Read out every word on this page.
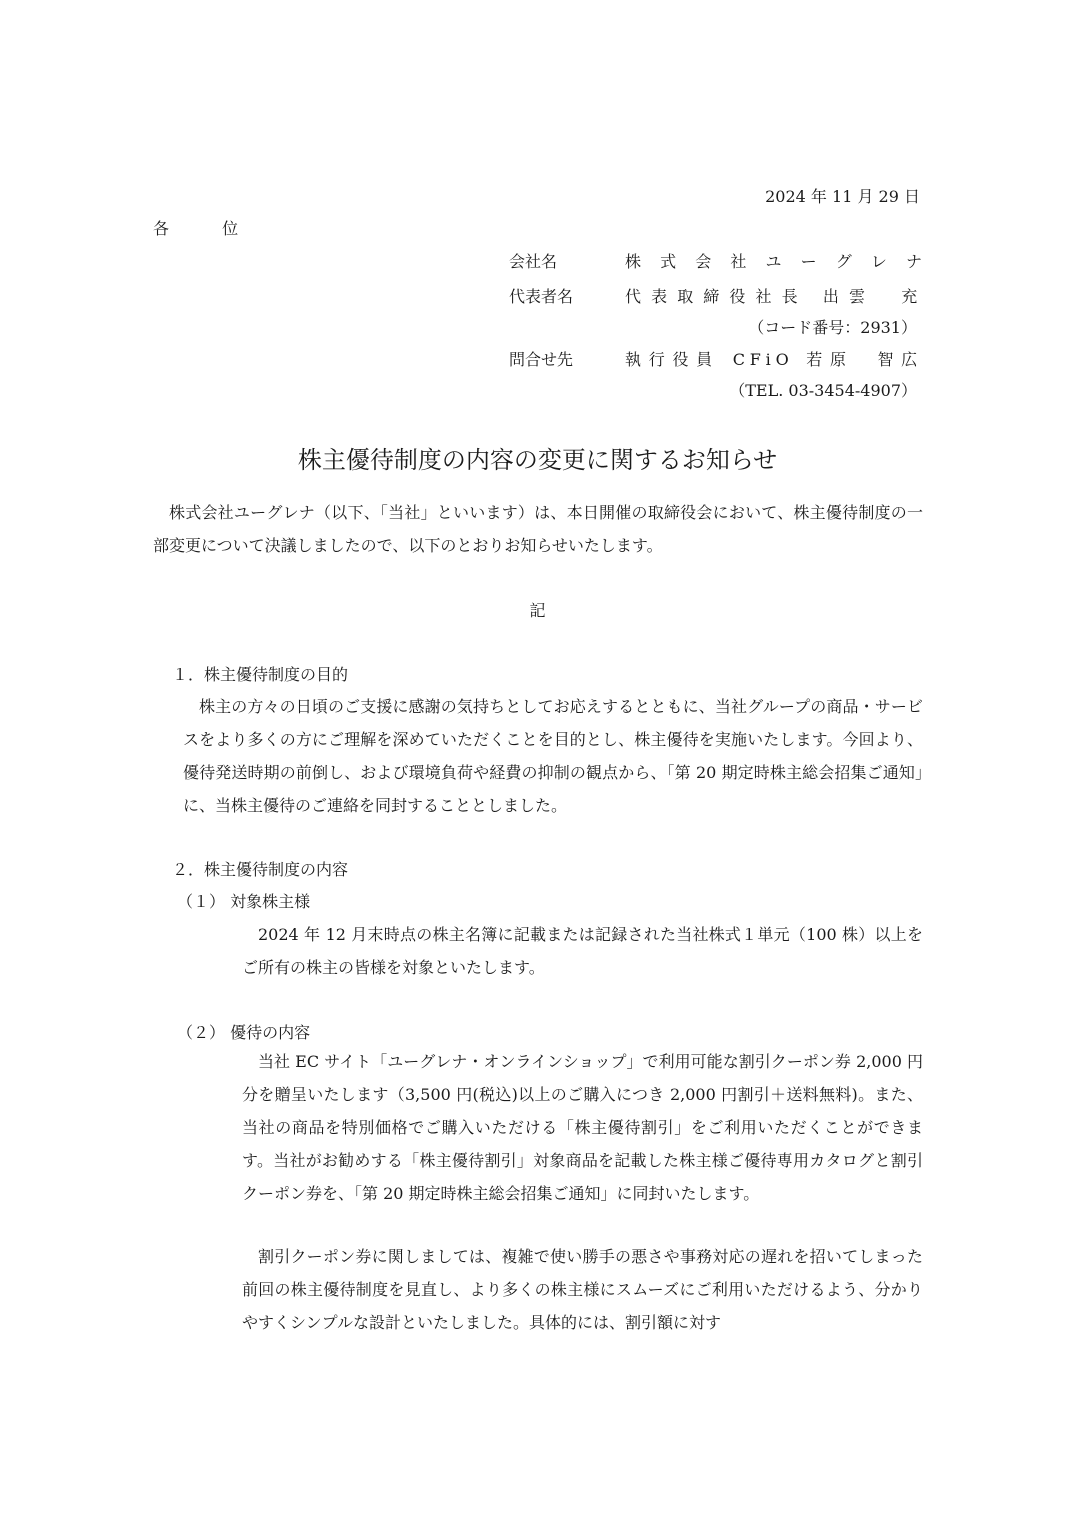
2024 年 11 月 29 日
各 位
会社名	株式会社ユーグレナ
代表者名	代表取締役社長 出雲　充
（コード番号：2931）
問合せ先	執行役員 CFiO 若原　智広
（TEL. 03-3454-4907）
株主優待制度の内容の変更に関するお知らせ
株式会社ユーグレナ（以下、「当社」といいます）は、本日開催の取締役会において、株主優待制度の一部変更について決議しましたので、以下のとおりお知らせいたします。
記
１．株主優待制度の目的
株主の方々の日頃のご支援に感謝の気持ちとしてお応えするとともに、当社グループの商品・サービスをより多くの方にご理解を深めていただくことを目的とし、株主優待を実施いたします。今回より、優待発送時期の前倒し、および環境負荷や経費の抑制の観点から、「第 20 期定時株主総会招集ご通知」に、当株主優待のご連絡を同封することとしました。
２．株主優待制度の内容
（１） 対象株主様
2024 年 12 月末時点の株主名簿に記載または記録された当社株式１単元（100 株）以上をご所有の株主の皆様を対象といたします。
（２） 優待の内容
当社 EC サイト「ユーグレナ・オンラインショップ」で利用可能な割引クーポン券 2,000 円分を贈呈いたします（3,500 円(税込)以上のご購入につき 2,000 円割引＋送料無料)。また、当社の商品を特別価格でご購入いただける「株主優待割引」をご利用いただくことができます。当社がお勧めする「株主優待割引」対象商品を記載した株主様ご優待専用カタログと割引クーポン券を、「第 20 期定時株主総会招集ご通知」に同封いたします。
割引クーポン券に関しましては、複雑で使い勝手の悪さや事務対応の遅れを招いてしまった前回の株主優待制度を見直し、より多くの株主様にスムーズにご利用いただけるよう、分かりやすくシンプルな設計といたしました。具体的には、割引額に対す
